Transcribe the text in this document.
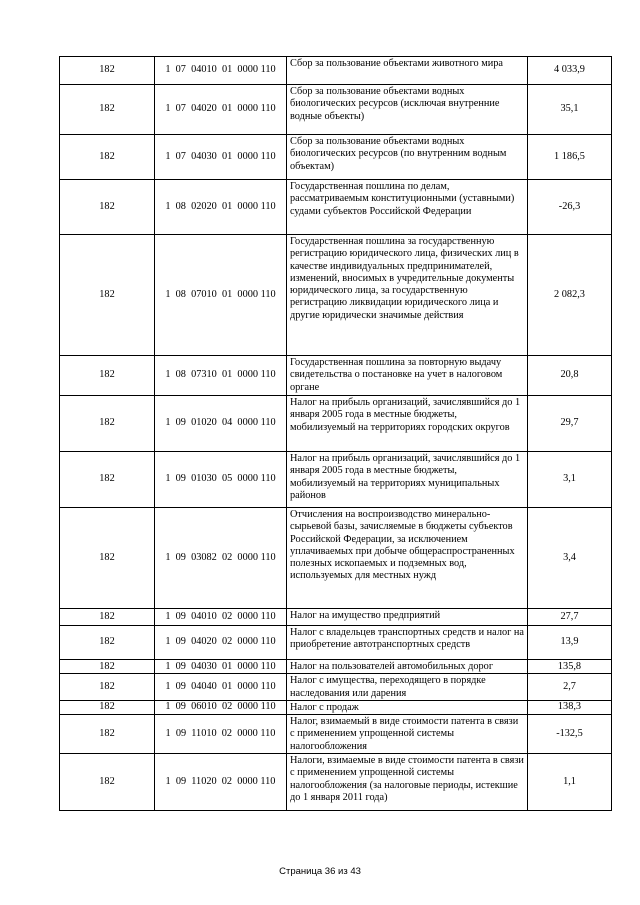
182	1  07  04010  01  0000 110	Сбор за пользование объектами животного мира	4 033,9
182	1  07  04020  01  0000 110	Сбор за пользование объектами водных биологических ресурсов (исключая внутренние водные объекты)	35,1
182	1  07  04030  01  0000 110	Сбор за пользование объектами водных биологических ресурсов (по внутренним водным объектам)	1 186,5
182	1  08  02020  01  0000 110	Государственная пошлина по делам, рассматриваемым конституционными (уставными) судами субъектов Российской Федерации	-26,3
182	1  08  07010  01  0000 110	Государственная пошлина за государственную регистрацию юридического лица, физических лиц в качестве индивидуальных предпринимателей, изменений, вносимых в учредительные документы юридического лица, за государственную регистрацию ликвидации юридического лица и другие юридически значимые действия	2 082,3
182	1  08  07310  01  0000 110	Государственная пошлина за повторную выдачу свидетельства о постановке на учет в налоговом органе	20,8
182	1  09  01020  04  0000 110	Налог на прибыль организаций, зачислявшийся до 1 января 2005 года в местные бюджеты, мобилизуемый на территориях городских округов	29,7
182	1  09  01030  05  0000 110	Налог на прибыль организаций, зачислявшийся до 1 января 2005 года в местные бюджеты, мобилизуемый на территориях муниципальных районов	3,1
182	1  09  03082  02  0000 110	Отчисления на воспроизводство минерально-сырьевой базы, зачисляемые в бюджеты субъектов Российской Федерации, за исключением уплачиваемых при добыче общераспространенных полезных ископаемых и подземных вод, используемых для местных нужд	3,4
182	1  09  04010  02  0000 110	Налог на имущество предприятий	27,7
182	1  09  04020  02  0000 110	Налог с владельцев транспортных средств и налог на приобретение автотранспортных средств	13,9
182	1  09  04030  01  0000 110	Налог на пользователей автомобильных дорог	135,8
182	1  09  04040  01  0000 110	Налог с имущества, переходящего в порядке наследования или дарения	2,7
182	1  09  06010  02  0000 110	Налог с продаж	138,3
182	1  09  11010  02  0000 110	Налог, взимаемый в виде стоимости патента в связи с применением упрощенной системы налогообложения	-132,5
182	1  09  11020  02  0000 110	Налоги, взимаемые в виде стоимости патента в связи с применением упрощенной системы налогообложения (за налоговые периоды, истекшие до 1 января 2011 года)	1,1
Страница 36 из 43
